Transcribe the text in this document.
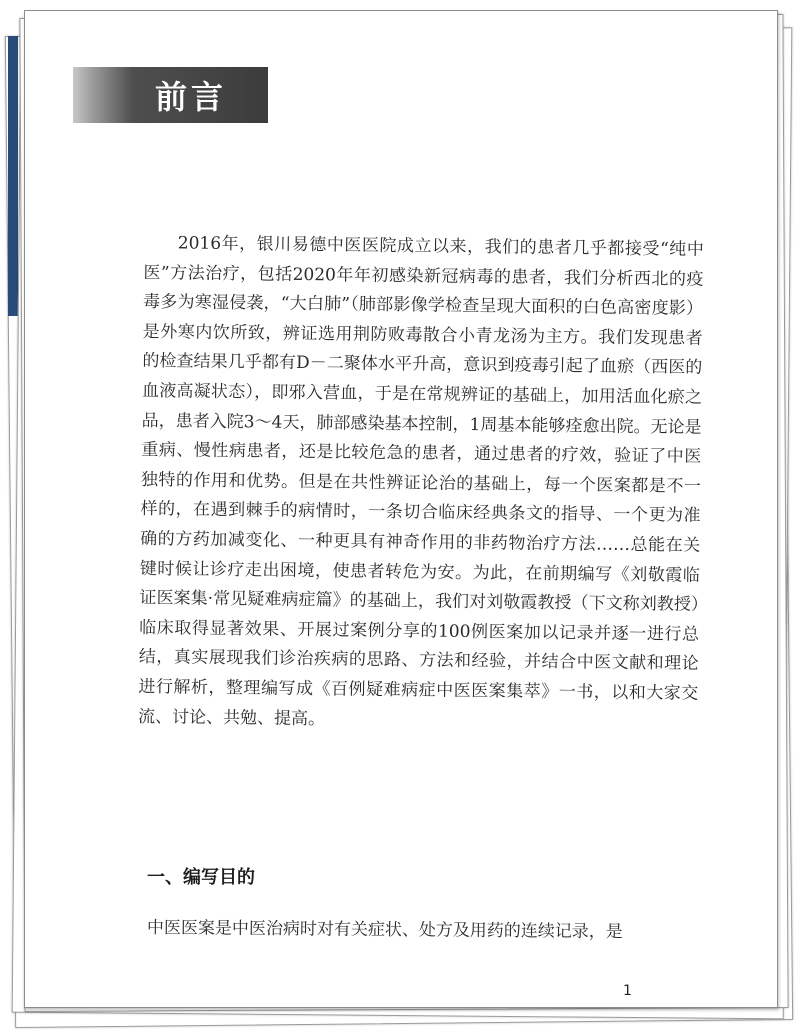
前言

2016年，银川易德中医医院成立以来，我们的患者几乎都接受“纯中医”方法治疗，包括2020年年初感染新冠病毒的患者，我们分析西北的疫毒多为寒湿侵袭，“大白肺”（肺部影像学检查呈现大面积的白色高密度影）是外寒内饮所致，辨证选用荆防败毒散合小青龙汤为主方。我们发现患者的检查结果几乎都有D－二聚体水平升高，意识到疫毒引起了血瘀（西医的血液高凝状态），即邪入营血，于是在常规辨证的基础上，加用活血化瘀之品，患者入院3～4天，肺部感染基本控制，1周基本能够痊愈出院。无论是重病、慢性病患者，还是比较危急的患者，通过患者的疗效，验证了中医独特的作用和优势。但是在共性辨证论治的基础上，每一个医案都是不一样的，在遇到棘手的病情时，一条切合临床经典条文的指导、一个更为准确的方药加减变化、一种更具有神奇作用的非药物治疗方法……总能在关键时候让诊疗走出困境，使患者转危为安。为此，在前期编写《刘敬霞临证医案集·常见疑难病症篇》的基础上，我们对刘敬霞教授（下文称刘教授）临床取得显著效果、开展过案例分享的100例医案加以记录并逐一进行总结，真实展现我们诊治疾病的思路、方法和经验，并结合中医文献和理论进行解析，整理编写成《百例疑难病症中医医案集萃》一书，以和大家交流、讨论、共勉、提高。

一、编写目的
中医医案是中医治病时对有关症状、处方及用药的连续记录，是
1
